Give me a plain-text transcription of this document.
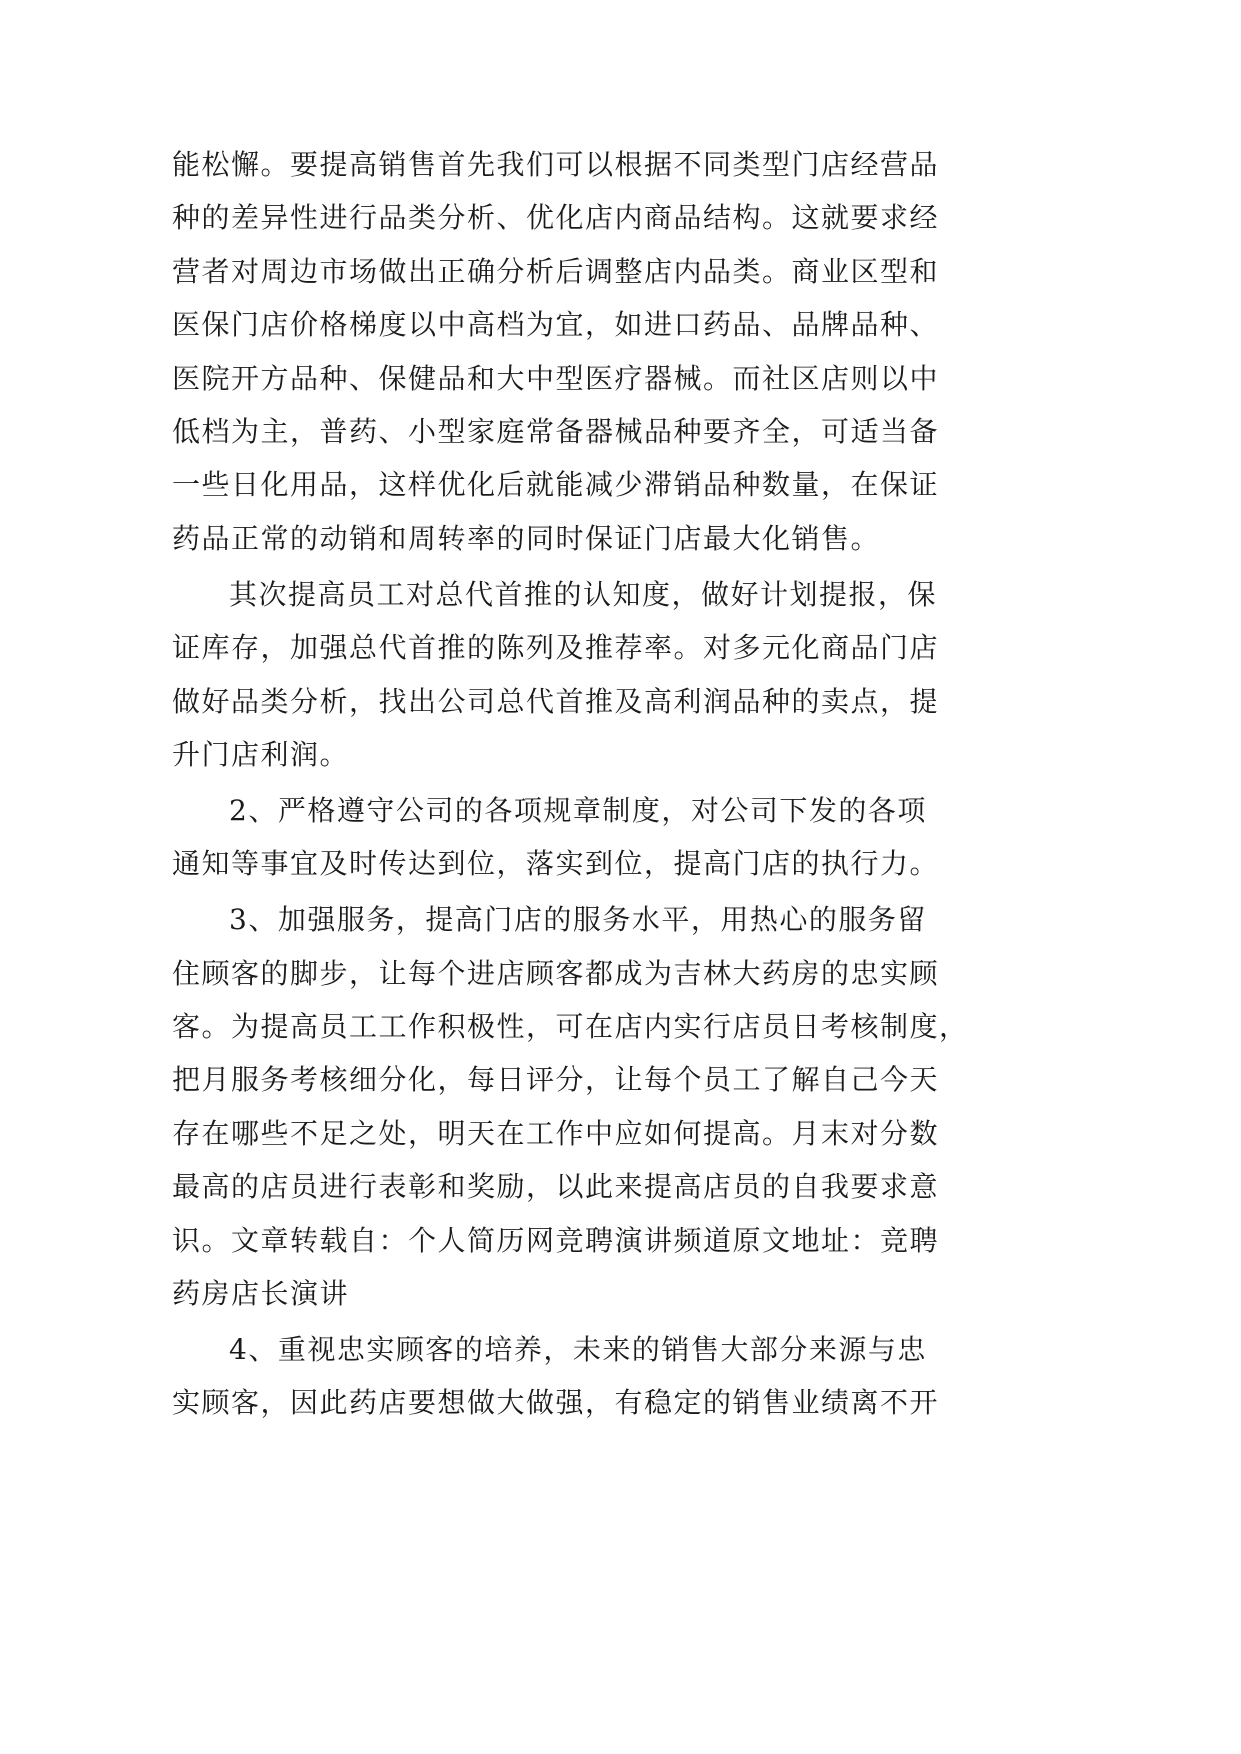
能松懈。要提高销售首先我们可以根据不同类型门店经营品
种的差异性进行品类分析、优化店内商品结构。这就要求经
营者对周边市场做出正确分析后调整店内品类。商业区型和
医保门店价格梯度以中高档为宜，如进口药品、品牌品种、
医院开方品种、保健品和大中型医疗器械。而社区店则以中
低档为主，普药、小型家庭常备器械品种要齐全，可适当备
一些日化用品，这样优化后就能减少滞销品种数量，在保证
药品正常的动销和周转率的同时保证门店最大化销售。
其次提高员工对总代首推的认知度，做好计划提报，保
证库存，加强总代首推的陈列及推荐率。对多元化商品门店
做好品类分析，找出公司总代首推及高利润品种的卖点，提
升门店利润。
2、严格遵守公司的各项规章制度，对公司下发的各项
通知等事宜及时传达到位，落实到位，提高门店的执行力。
3、加强服务，提高门店的服务水平，用热心的服务留
住顾客的脚步，让每个进店顾客都成为吉林大药房的忠实顾
客。为提高员工工作积极性，可在店内实行店员日考核制度，
把月服务考核细分化，每日评分，让每个员工了解自己今天
存在哪些不足之处，明天在工作中应如何提高。月末对分数
最高的店员进行表彰和奖励，以此来提高店员的自我要求意
识。文章转载自：个人简历网竞聘演讲频道原文地址：竞聘
药房店长演讲
4、重视忠实顾客的培养，未来的销售大部分来源与忠
实顾客，因此药店要想做大做强，有稳定的销售业绩离不开
